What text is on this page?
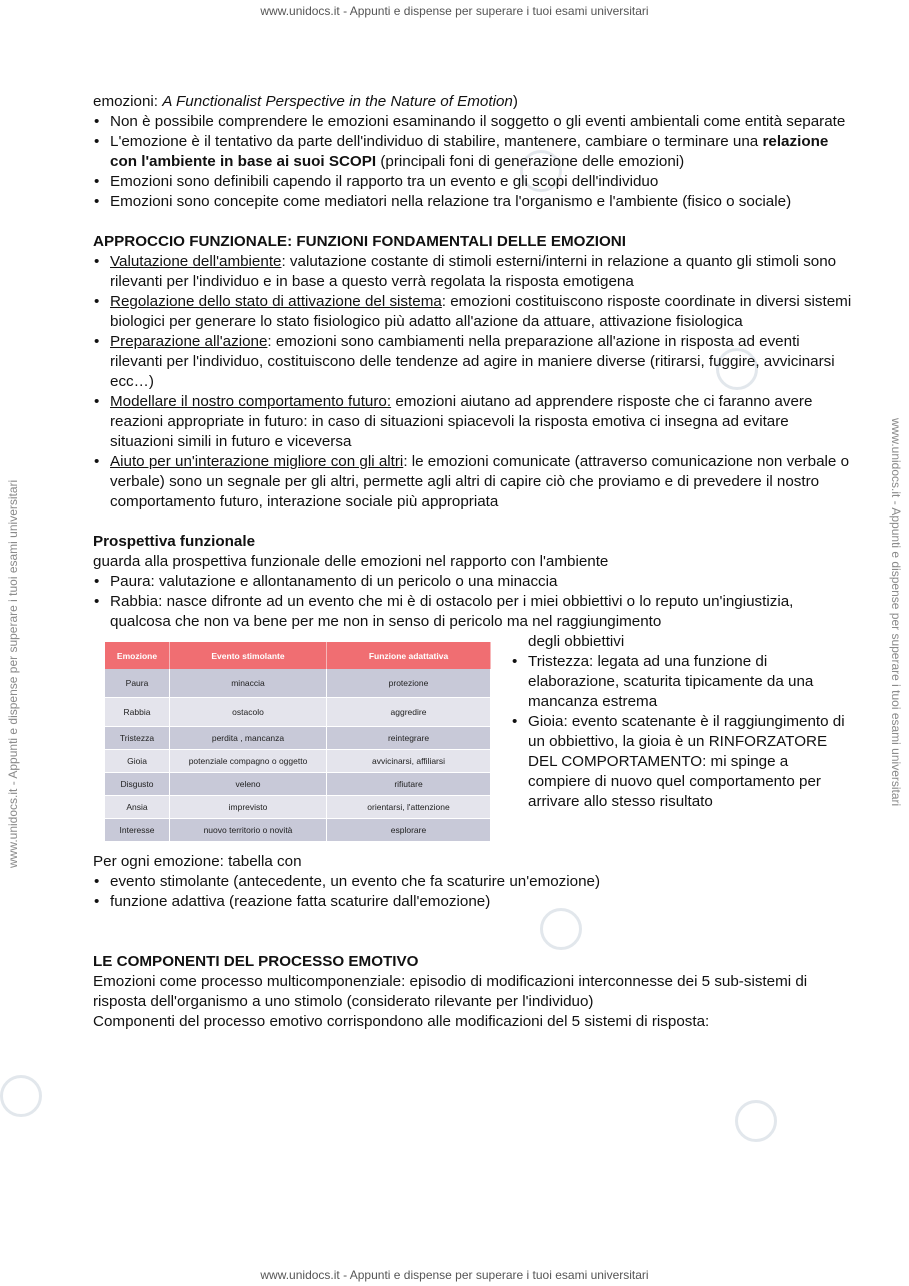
www.unidocs.it - Appunti e dispense per superare i tuoi esami universitari
www.unidocs.it - Appunti e dispense per superare i tuoi esami universitari
www.unidocs.it - Appunti e dispense per superare i tuoi esami universitari	www.unidocs.it - Appunti e dispense per superare i tuoi esami universitari

emozioni: A Functionalist Perspective in the Nature of Emotion)

• Non è possibile comprendere le emozioni esaminando il soggetto o gli eventi ambientali come entità separate
• L'emozione è il tentativo da parte dell'individuo di stabilire, mantenere, cambiare o terminare una relazione con l'ambiente in base ai suoi SCOPI (principali foni di generazione delle emozioni)
• Emozioni sono definibili capendo il rapporto tra un evento e gli scopi dell'individuo
• Emozioni sono concepite come mediatori nella relazione tra l'organismo e l'ambiente (fisico o sociale)

APPROCCIO FUNZIONALE: FUNZIONI FONDAMENTALI DELLE EMOZIONI

• Valutazione dell'ambiente: valutazione costante di stimoli esterni/interni in relazione a quanto gli stimoli sono rilevanti per l'individuo e in base a questo verrà regolata la risposta emotigena
• Regolazione dello stato di attivazione del sistema: emozioni costituiscono risposte coordinate in diversi sistemi biologici per generare lo stato fisiologico più adatto all'azione da attuare, attivazione fisiologica
• Preparazione all'azione: emozioni sono cambiamenti nella preparazione all'azione in risposta ad eventi rilevanti per l'individuo, costituiscono delle tendenze ad agire in maniere diverse (ritirarsi, fuggire, avvicinarsi ecc…)
• Modellare il nostro comportamento futuro: emozioni aiutano ad apprendere risposte che ci faranno avere reazioni appropriate in futuro: in caso di situazioni spiacevoli la risposta emotiva ci insegna ad evitare situazioni simili in futuro e viceversa
• Aiuto per un'interazione migliore con gli altri: le emozioni comunicate (attraverso comunicazione non verbale o verbale) sono un segnale per gli altri, permette agli altri di capire ciò che proviamo e di prevedere il nostro comportamento futuro, interazione sociale più appropriata

Prospettiva funzionale

guarda alla prospettiva funzionale delle emozioni nel rapporto con l'ambiente

• Paura: valutazione e allontanamento di un pericolo o una minaccia
• Rabbia: nasce difronte ad un evento che mi è di ostacolo per i miei obbiettivi o lo reputo un'ingiustizia, qualcosa che non va bene per me non in senso di pericolo ma nel raggiungimento
Emozione	Evento stimolante	Funzione adattativa
Paura	minaccia	protezione
Rabbia	ostacolo	aggredire
Tristezza	perdita , mancanza	reintegrare
Gioia	potenziale compagno o oggetto	avvicinarsi, affiliarsi
Disgusto	veleno	rifiutare
Ansia	imprevisto	orientarsi, l'attenzione
Interesse	nuovo territorio o novità	esplorare

degli obbiettivi

• Tristezza: legata ad una funzione di elaborazione, scaturita tipicamente da una mancanza estrema
• Gioia: evento scatenante è il raggiungimento di un obbiettivo, la gioia è un RINFORZATORE DEL COMPORTAMENTO: mi spinge a compiere di nuovo quel comportamento per arrivare allo stesso risultato

Per ogni emozione: tabella con

• evento stimolante (antecedente, un evento che fa scaturire un'emozione)
• funzione adattiva (reazione fatta scaturire dall'emozione)

LE COMPONENTI DEL PROCESSO EMOTIVO

Emozioni come processo multicomponenziale: episodio di modificazioni interconnesse dei 5 sub-sistemi di risposta dell'organismo a uno stimolo (considerato rilevante per l'individuo)

Componenti del processo emotivo corrispondono alle modificazioni del 5 sistemi di risposta:
